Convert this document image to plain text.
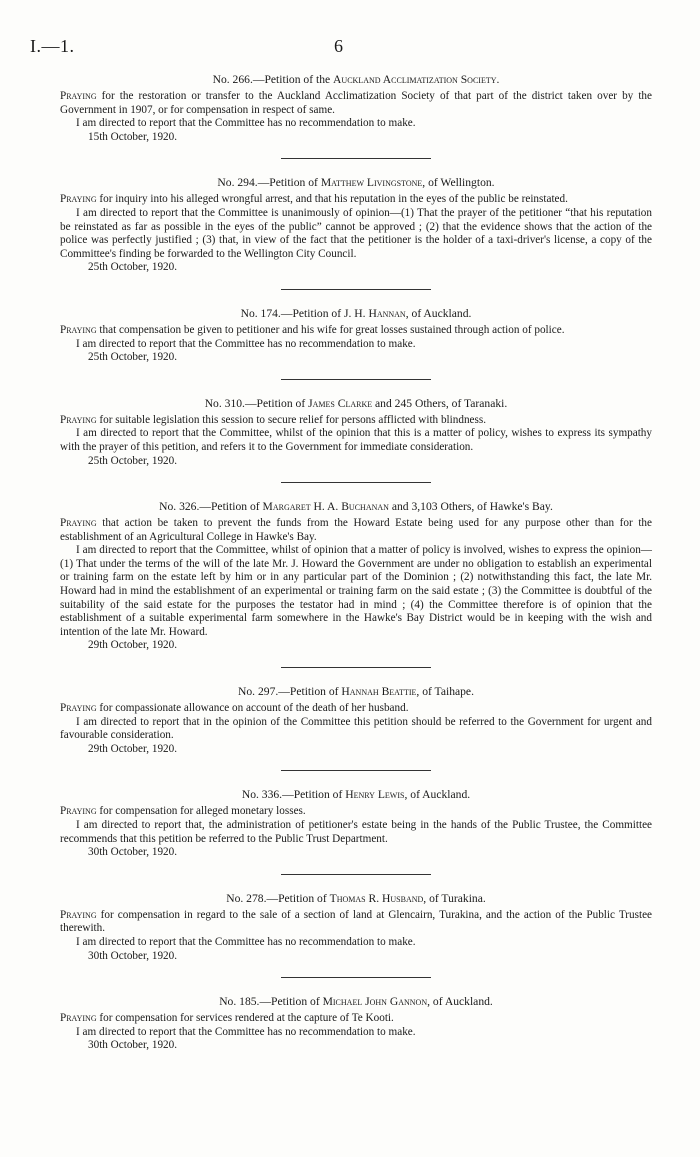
I.—1.	6

No. 266.—Petition of the Auckland Acclimatization Society.

Praying for the restoration or transfer to the Auckland Acclimatization Society of that part of the district taken over by the Government in 1907, or for compensation in respect of same.

I am directed to report that the Committee has no recommendation to make.

15th October, 1920.

No. 294.—Petition of Matthew Livingstone, of Wellington.

Praying for inquiry into his alleged wrongful arrest, and that his reputation in the eyes of the public be reinstated.

I am directed to report that the Committee is unanimously of opinion—(1) That the prayer of the petitioner “that his reputation be reinstated as far as possible in the eyes of the public” cannot be approved ; (2) that the evidence shows that the action of the police was perfectly justified ; (3) that, in view of the fact that the petitioner is the holder of a taxi-driver's license, a copy of the Committee's finding be forwarded to the Wellington City Council.

25th October, 1920.

No. 174.—Petition of J. H. Hannan, of Auckland.

Praying that compensation be given to petitioner and his wife for great losses sustained through action of police.

I am directed to report that the Committee has no recommendation to make.

25th October, 1920.

No. 310.—Petition of James Clarke and 245 Others, of Taranaki.

Praying for suitable legislation this session to secure relief for persons afflicted with blindness.

I am directed to report that the Committee, whilst of the opinion that this is a matter of policy, wishes to express its sympathy with the prayer of this petition, and refers it to the Government for immediate consideration.

25th October, 1920.

No. 326.—Petition of Margaret H. A. Buchanan and 3,103 Others, of Hawke's Bay.

Praying that action be taken to prevent the funds from the Howard Estate being used for any purpose other than for the establishment of an Agricultural College in Hawke's Bay.

I am directed to report that the Committee, whilst of opinion that a matter of policy is involved, wishes to express the opinion—(1) That under the terms of the will of the late Mr. J. Howard the Government are under no obligation to establish an experimental or training farm on the estate left by him or in any particular part of the Dominion ; (2) notwithstanding this fact, the late Mr. Howard had in mind the establishment of an experimental or training farm on the said estate ; (3) the Committee is doubtful of the suitability of the said estate for the purposes the testator had in mind ; (4) the Committee therefore is of opinion that the establishment of a suitable experimental farm somewhere in the Hawke's Bay District would be in keeping with the wish and intention of the late Mr. Howard.

29th October, 1920.

No. 297.—Petition of Hannah Beattie, of Taihape.

Praying for compassionate allowance on account of the death of her husband.

I am directed to report that in the opinion of the Committee this petition should be referred to the Government for urgent and favourable consideration.

29th October, 1920.

No. 336.—Petition of Henry Lewis, of Auckland.

Praying for compensation for alleged monetary losses.

I am directed to report that, the administration of petitioner's estate being in the hands of the Public Trustee, the Committee recommends that this petition be referred to the Public Trust Department.

30th October, 1920.

No. 278.—Petition of Thomas R. Husband, of Turakina.

Praying for compensation in regard to the sale of a section of land at Glencairn, Turakina, and the action of the Public Trustee therewith.

I am directed to report that the Committee has no recommendation to make.

30th October, 1920.

No. 185.—Petition of Michael John Gannon, of Auckland.

Praying for compensation for services rendered at the capture of Te Kooti.

I am directed to report that the Committee has no recommendation to make.

30th October, 1920.
